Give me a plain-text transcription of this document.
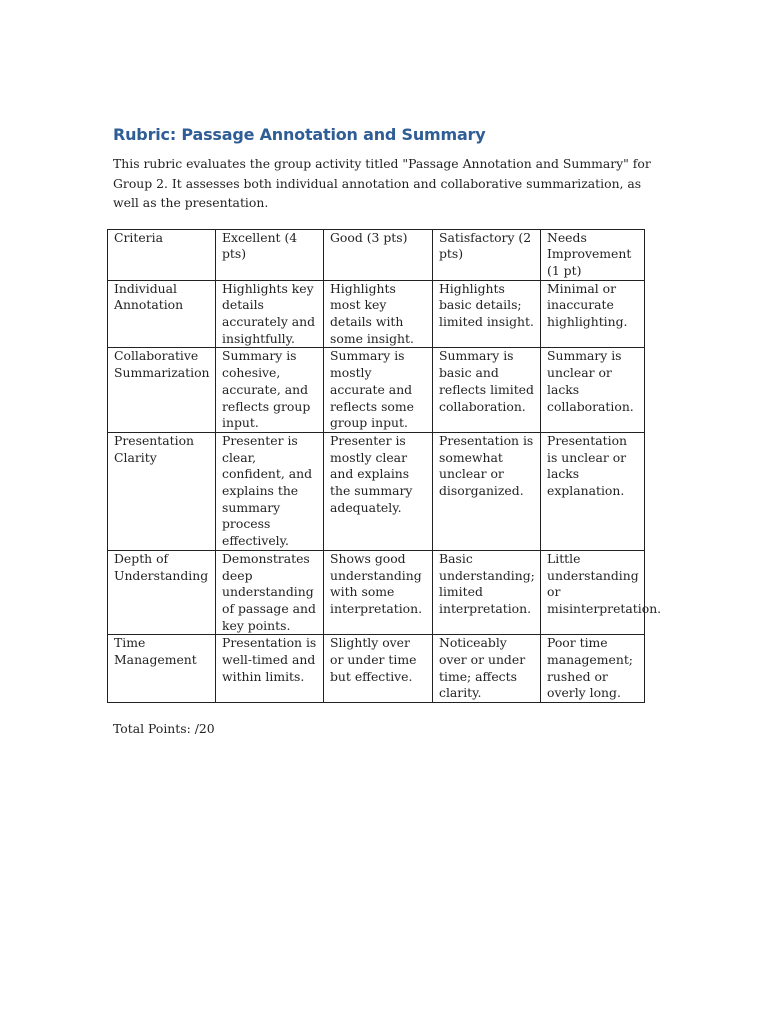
Rubric: Passage Annotation and Summary

This rubric evaluates the group activity titled "Passage Annotation and Summary" for Group 2. It assesses both individual annotation and collaborative summarization, as well as the presentation.

Criteria	Excellent (4 pts)	Good (3 pts)	Satisfactory (2 pts)	Needs Improvement (1 pt)
Individual Annotation	Highlights key details accurately and insightfully.	Highlights most key details with some insight.	Highlights basic details; limited insight.	Minimal or inaccurate highlighting.
Collaborative Summarization	Summary is cohesive, accurate, and reflects group input.	Summary is mostly accurate and reflects some group input.	Summary is basic and reflects limited collaboration.	Summary is unclear or lacks collaboration.
Presentation Clarity	Presenter is clear, confident, and explains the summary process effectively.	Presenter is mostly clear and explains the summary adequately.	Presentation is somewhat unclear or disorganized.	Presentation is unclear or lacks explanation.
Depth of Understanding	Demonstrates deep understanding of passage and key points.	Shows good understanding with some interpretation.	Basic understanding; limited interpretation.	Little understanding or misinterpretation.
Time Management	Presentation is well-timed and within limits.	Slightly over or under time but effective.	Noticeably over or under time; affects clarity.	Poor time management; rushed or overly long.

Total Points: /20
